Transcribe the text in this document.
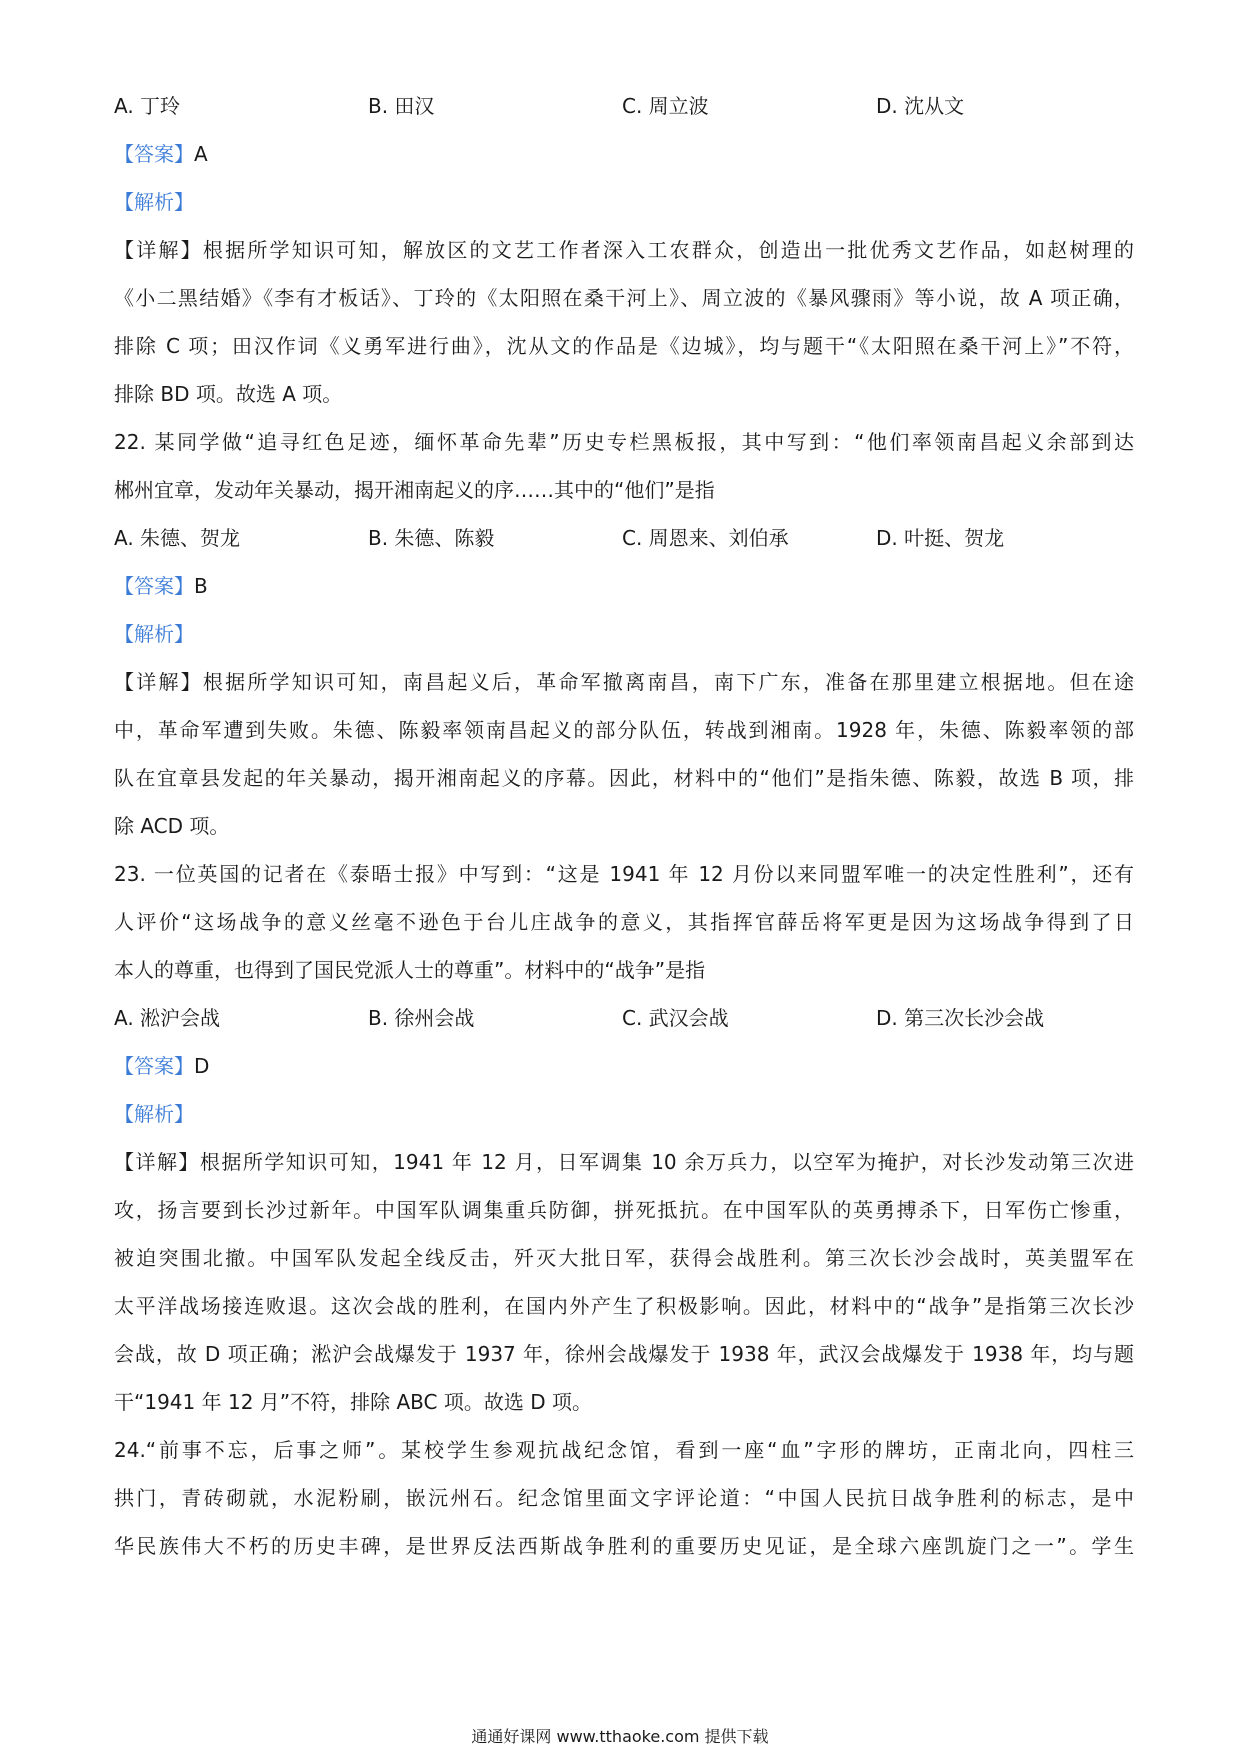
A. 丁玲	B. 田汉	C. 周立波	D. 沈从文
【答案】A
【解析】
【详解】根据所学知识可知，解放区的文艺工作者深入工农群众，创造出一批优秀文艺作品，如赵树理的
《小二黑结婚》《李有才板话》、丁玲的《太阳照在桑干河上》、周立波的《暴风骤雨》等小说，故 A 项正确，
排除 C 项；田汉作词《义勇军进行曲》，沈从文的作品是《边城》，均与题干“《太阳照在桑干河上》”不符，
排除 BD 项。故选 A 项。
22. 某同学做“追寻红色足迹，缅怀革命先辈”历史专栏黑板报，其中写到：“他们率领南昌起义余部到达
郴州宜章，发动年关暴动，揭开湘南起义的序……其中的“他们”是指
A. 朱德、贺龙	B. 朱德、陈毅	C. 周恩来、刘伯承	D. 叶挺、贺龙
【答案】B
【解析】
【详解】根据所学知识可知，南昌起义后，革命军撤离南昌，南下广东，准备在那里建立根据地。但在途
中，革命军遭到失败。朱德、陈毅率领南昌起义的部分队伍，转战到湘南。1928 年，朱德、陈毅率领的部
队在宜章县发起的年关暴动，揭开湘南起义的序幕。因此，材料中的“他们”是指朱德、陈毅，故选 B 项，排
除 ACD 项。
23. 一位英国的记者在《泰晤士报》中写到：“这是 1941 年 12 月份以来同盟军唯一的决定性胜利”，还有
人评价“这场战争的意义丝毫不逊色于台儿庄战争的意义，其指挥官薛岳将军更是因为这场战争得到了日
本人的尊重，也得到了国民党派人士的尊重”。材料中的“战争”是指
A. 淞沪会战	B. 徐州会战	C. 武汉会战	D. 第三次长沙会战
【答案】D
【解析】
【详解】根据所学知识可知，1941 年 12 月，日军调集 10 余万兵力，以空军为掩护，对长沙发动第三次进
攻，扬言要到长沙过新年。中国军队调集重兵防御，拼死抵抗。在中国军队的英勇搏杀下，日军伤亡惨重，
被迫突围北撤。中国军队发起全线反击，歼灭大批日军，获得会战胜利。第三次长沙会战时，英美盟军在
太平洋战场接连败退。这次会战的胜利，在国内外产生了积极影响。因此，材料中的“战争”是指第三次长沙
会战，故 D 项正确；淞沪会战爆发于 1937 年，徐州会战爆发于 1938 年，武汉会战爆发于 1938 年，均与题
干“1941 年 12 月”不符，排除 ABC 项。故选 D 项。
24.“前事不忘，后事之师”。某校学生参观抗战纪念馆，看到一座“血”字形的牌坊，正南北向，四柱三
拱门，青砖砌就，水泥粉刷，嵌沅州石。纪念馆里面文字评论道：“中国人民抗日战争胜利的标志，是中
华民族伟大不朽的历史丰碑，是世界反法西斯战争胜利的重要历史见证，是全球六座凯旋门之一”。学生
通通好课网 www.tthaoke.com 提供下载
